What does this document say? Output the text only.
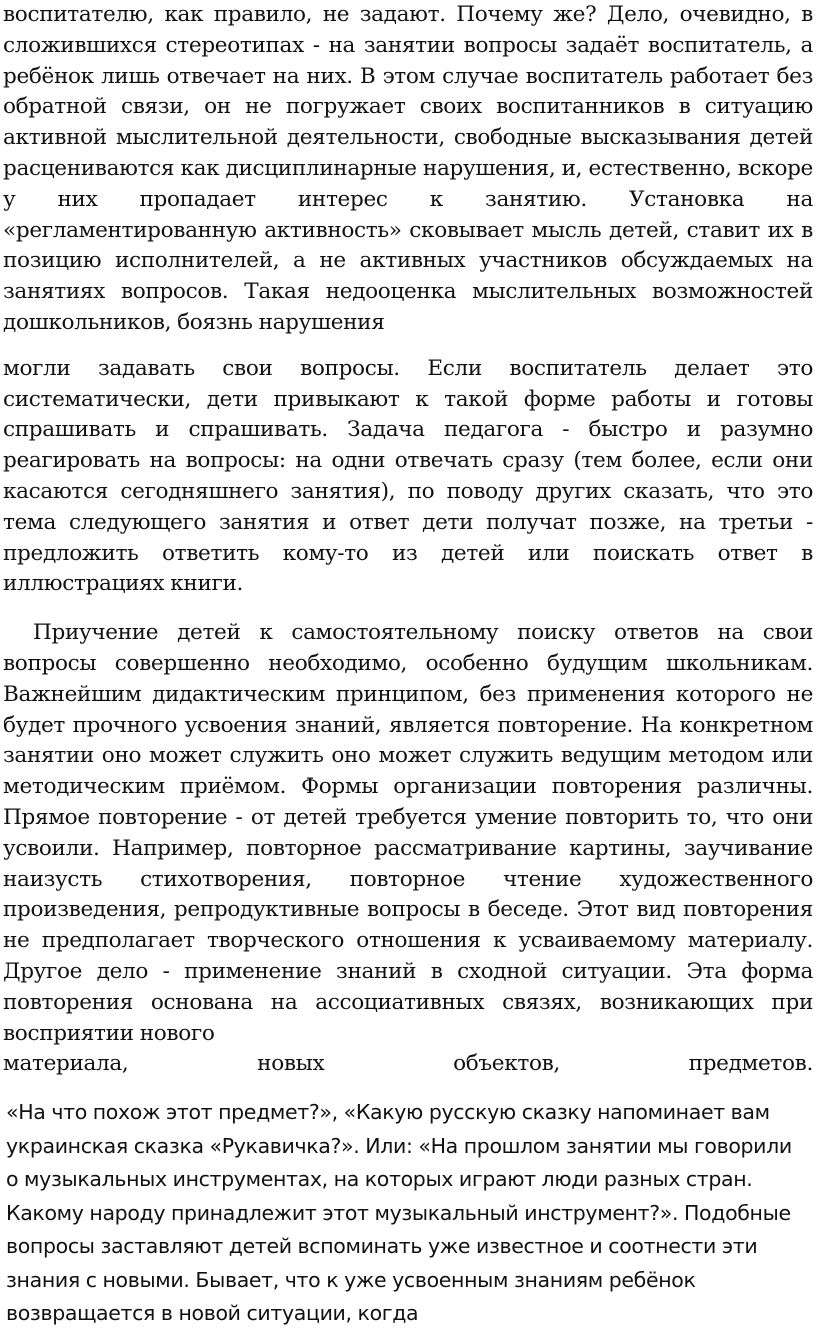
воспитателю, как правило, не задают. Почему же? Дело, очевидно, в сложившихся стереотипах - на занятии вопросы задаёт воспитатель, а ребёнок лишь отвечает на них. В этом случае воспитатель работает без обратной связи, он не погружает своих воспитанников в ситуацию активной мыслительной деятельности, свободные высказывания детей расцениваются как дисциплинарные нарушения, и, естественно, вскоре у них пропадает интерес к занятию. Установка на «регламентированную активность» сковывает мысль детей, ставит их в позицию исполнителей, а не активных участников обсуждаемых на занятиях вопросов. Такая недооценка мыслительных возможностей дошкольников, боязнь нарушения

могли задавать свои вопросы. Если воспитатель делает это систематически, дети привыкают к такой форме работы и готовы спрашивать и спрашивать. Задача педагога - быстро и разумно реагировать на вопросы: на одни отвечать сразу (тем более, если они касаются сегодняшнего занятия), по поводу других сказать, что это тема следующего занятия и ответ дети получат позже, на третьи - предложить ответить кому-то из детей или поискать ответ в иллюстрациях книги.

Приучение детей к самостоятельному поиску ответов на свои вопросы совершенно необходимо, особенно будущим школьникам. Важнейшим дидактическим принципом, без применения которого не будет прочного усвоения знаний, является повторение. На конкретном занятии оно может служить оно может служить ведущим методом или методическим приёмом. Формы организации повторения различны. Прямое повторение - от детей требуется умение повторить то, что они усвоили. Например, повторное рассматривание картины, заучивание наизусть стихотворения, повторное чтение художественного произведения, репродуктивные вопросы в беседе. Этот вид повторения не предполагает творческого отношения к усваиваемому материалу. Другое дело - применение знаний в сходной ситуации. Эта форма повторения основана на ассоциативных связях, возникающих при восприятии нового

материала, новых объектов, предметов.

«На что похож этот предмет?», «Какую русскую сказку напоминает вам украинская сказка «Рукавичка?». Или: «На прошлом занятии мы говорили о музыкальных инструментах, на которых играют люди разных стран. Какому народу принадлежит этот музыкальный инструмент?». Подобные вопросы заставляют детей вспоминать уже известное и соотнести эти знания с новыми. Бывает, что к уже усвоенным знаниям ребёнок возвращается в новой ситуации, когда
